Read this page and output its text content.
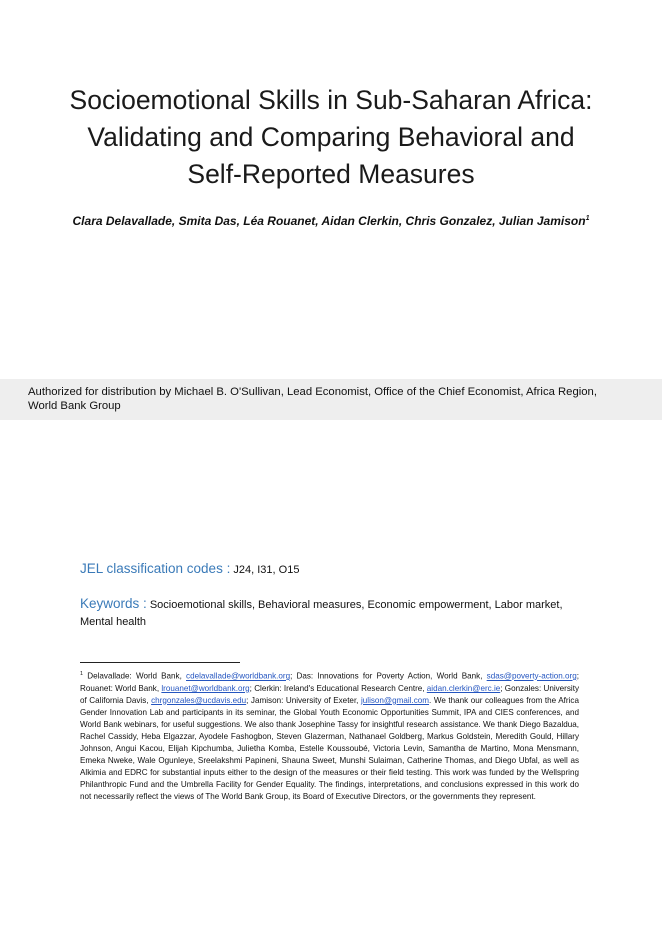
Socioemotional Skills in Sub-Saharan Africa:
Validating and Comparing Behavioral and
Self-Reported Measures
Clara Delavallade, Smita Das, Léa Rouanet, Aidan Clerkin, Chris Gonzalez, Julian Jamison$^1$

Authorized for distribution by Michael B. O'Sullivan, Lead Economist, Office of the Chief Economist, Africa Region, World Bank Group

JEL classification codes : J24, I31, O15
Keywords : Socioemotional skills, Behavioral measures, Economic empowerment, Labor market, Mental health
$^1$ Delavallade: World Bank, cdelavallade@worldbank.org; Das: Innovations for Poverty Action, World Bank, sdas@poverty-action.org; Rouanet: World Bank, lrouanet@worldbank.org; Clerkin: Ireland's Educational Research Centre, aidan.clerkin@erc.ie; Gonzales: University of California Davis, chrgonzales@ucdavis.edu; Jamison: University of Exeter, julison@gmail.com. We thank our colleagues from the Africa Gender Innovation Lab and participants in its seminar, the Global Youth Economic Opportunities Summit, IPA and CIES conferences, and World Bank webinars, for useful suggestions. We also thank Josephine Tassy for insightful research assistance. We thank Diego Bazaldua, Rachel Cassidy, Heba Elgazzar, Ayodele Fashogbon, Steven Glazerman, Nathanael Goldberg, Markus Goldstein, Meredith Gould, Hillary Johnson, Angui Kacou, Elijah Kipchumba, Julietha Komba, Estelle Koussoubé, Victoria Levin, Samantha de Martino, Mona Mensmann, Emeka Nweke, Wale Ogunleye, Sreelakshmi Papineni, Shauna Sweet, Munshi Sulaiman, Catherine Thomas, and Diego Ubfal, as well as Alkimia and EDRC for substantial inputs either to the design of the measures or their field testing. This work was funded by the Wellspring Philanthropic Fund and the Umbrella Facility for Gender Equality. The findings, interpretations, and conclusions expressed in this work do not necessarily reflect the views of The World Bank Group, its Board of Executive Directors, or the governments they represent.
